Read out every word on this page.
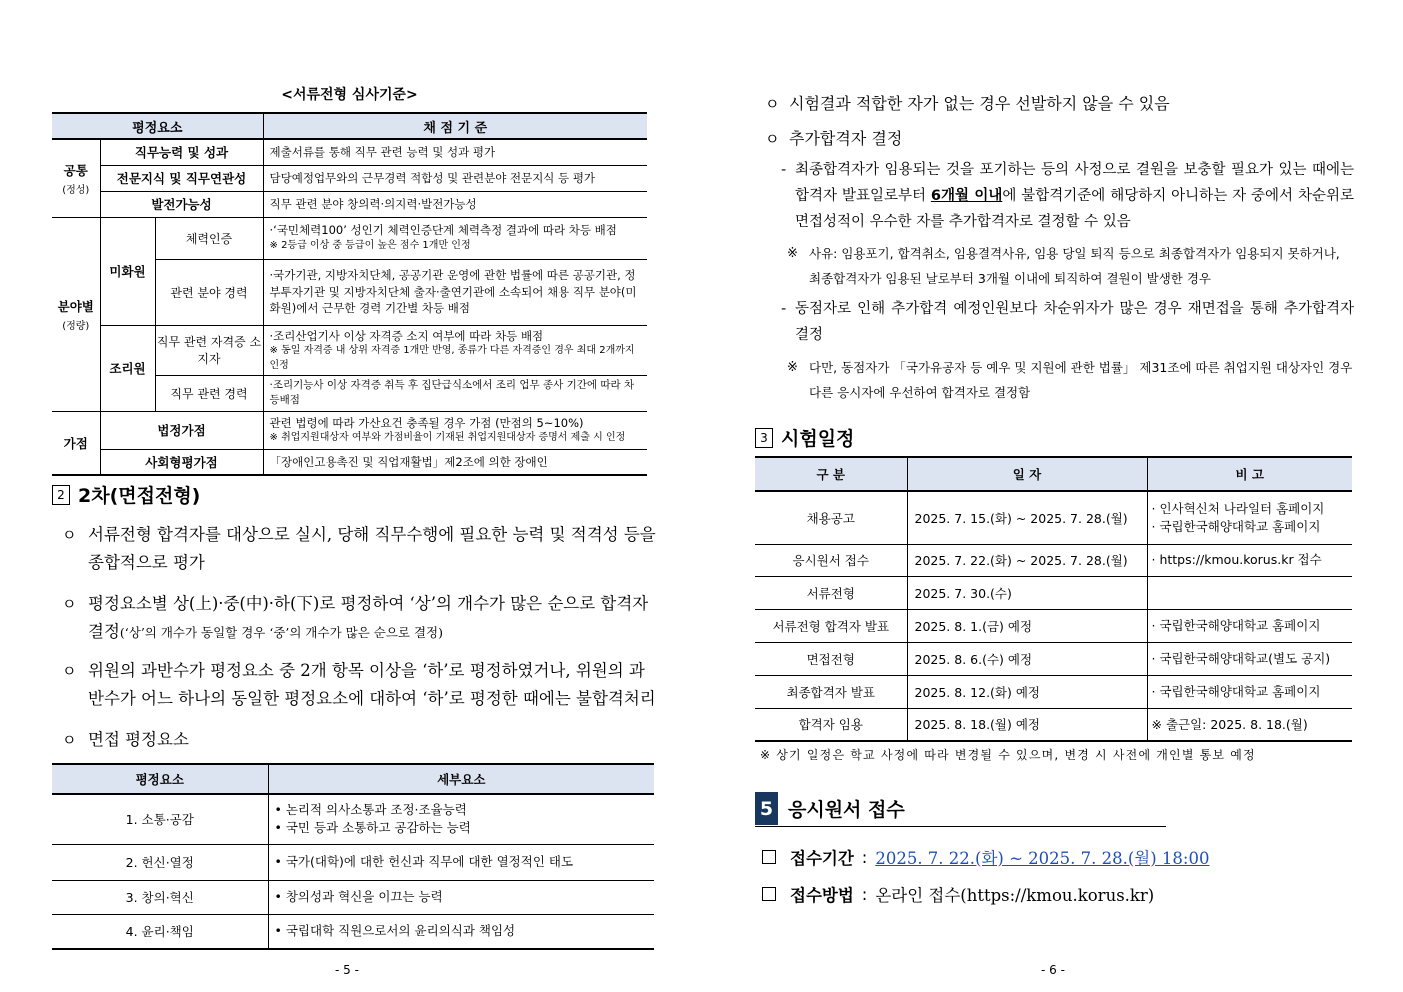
<서류전형 심사기준>
평정요소			채 점 기 준
공통
(정성)	직무능력 및 성과		제출서류를 통해 직무 관련 능력 및 성과 평가
	전문지식 및 직무연관성		담당예정업무와의 근무경력 적합성 및 관련분야 전문지식 등 평가
	발전가능성		직무 관련 분야 창의력·의지력·발전가능성
분야별
(정량)	미화원	체력인증	·‘국민체력100’ 성인기 체력인증단계 체력측정 결과에 따라 차등 배점
※ 2등급 이상 중 등급이 높은 점수 1개만 인정

		관련 분야 경력	·국가기관, 지방자치단체, 공공기관 운영에 관한 법률에 따른 공공기관, 정부투자기관 및 지방자치단체 출자·출연기관에 소속되어 채용 직무 분야(미화원)에서 근무한 경력 기간별 차등 배점
	조리원	직무 관련 자격증 소지자	·조리산업기사 이상 자격증 소지 여부에 따라 차등 배점
※ 동일 자격증 내 상위 자격증 1개만 반영, 종류가 다른 자격증인 경우 최대 2개까지 인정

		직무 관련 경력	·조리기능사 이상 자격증 취득 후 집단급식소에서 조리 업무 종사 기간에 따라 차등배점
가점	법정가점		관련 법령에 따라 가산요건 충족될 경우 가점 (만점의 5~10%)
※ 취업지원대상자 여부와 가점비율이 기재된 취업지원대상자 증명서 제출 시 인정

	사회형평가점		「장애인고용촉진 및 직업재활법」제2조에 의한 장애인
2 2차(면접전형)
ㅇ 서류전형 합격자를 대상으로 실시, 당해 직무수행에 필요한 능력 및 적격성 등을 종합적으로 평가
ㅇ 평정요소별 상(上)·중(中)·하(下)로 평정하여 ‘상’의 개수가 많은 순으로 합격자 결정(‘상’의 개수가 동일할 경우 ‘중’의 개수가 많은 순으로 결정)
ㅇ 위원의 과반수가 평정요소 중 2개 항목 이상을 ‘하’로 평정하였거나, 위원의 과반수가 어느 하나의 동일한 평정요소에 대하여 ‘하’로 평정한 때에는 불합격처리
ㅇ 면접 평정요소
평정요소	세부요소
1. 소통·공감	• 논리적 의사소통과 조정·조율능력
• 국민 등과 소통하고 공감하는 능력

2. 헌신·열정	• 국가(대학)에 대한 헌신과 직무에 대한 열정적인 태도
3. 창의·혁신	• 창의성과 혁신을 이끄는 능력
4. 윤리·책임	• 국립대학 직원으로서의 윤리의식과 책임성
- 5 -
ㅇ 시험결과 적합한 자가 없는 경우 선발하지 않을 수 있음
ㅇ 추가합격자 결정
- 최종합격자가 임용되는 것을 포기하는 등의 사정으로 결원을 보충할 필요가 있는 때에는 합격자 발표일로부터 6개월 이내에 불합격기준에 해당하지 아니하는 자 중에서 차순위로 면접성적이 우수한 자를 추가합격자로 결정할 수 있음
※ 사유: 임용포기, 합격취소, 임용결격사유, 임용 당일 퇴직 등으로 최종합격자가 임용되지 못하거나, 최종합격자가 임용된 날로부터 3개월 이내에 퇴직하여 결원이 발생한 경우
- 동점자로 인해 추가합격 예정인원보다 차순위자가 많은 경우 재면접을 통해 추가합격자 결정
※ 다만, 동점자가 「국가유공자 등 예우 및 지원에 관한 법률」 제31조에 따른 취업지원 대상자인 경우 다른 응시자에 우선하여 합격자로 결정함
3 시험일정
구 분	일 자	비 고
채용공고	2025. 7. 15.(화) ~ 2025. 7. 28.(월)	· 인사혁신처 나라일터 홈페이지
· 국립한국해양대학교 홈페이지

응시원서 접수	2025. 7. 22.(화) ~ 2025. 7. 28.(월)	· https://kmou.korus.kr 접수
서류전형	2025. 7. 30.(수)	
서류전형 합격자 발표	2025. 8. 1.(금) 예정	· 국립한국해양대학교 홈페이지
면접전형	2025. 8. 6.(수) 예정	· 국립한국해양대학교(별도 공지)
최종합격자 발표	2025. 8. 12.(화) 예정	· 국립한국해양대학교 홈페이지
합격자 임용	2025. 8. 18.(월) 예정	※ 출근일: 2025. 8. 18.(월)
※ 상기 일정은 학교 사정에 따라 변경될 수 있으며, 변경 시 사전에 개인별 통보 예정
5 응시원서 접수
접수기간 : 2025. 7. 22.(화) ~ 2025. 7. 28.(월) 18:00
접수방법 : 온라인 접수(https://kmou.korus.kr)
- 6 -
